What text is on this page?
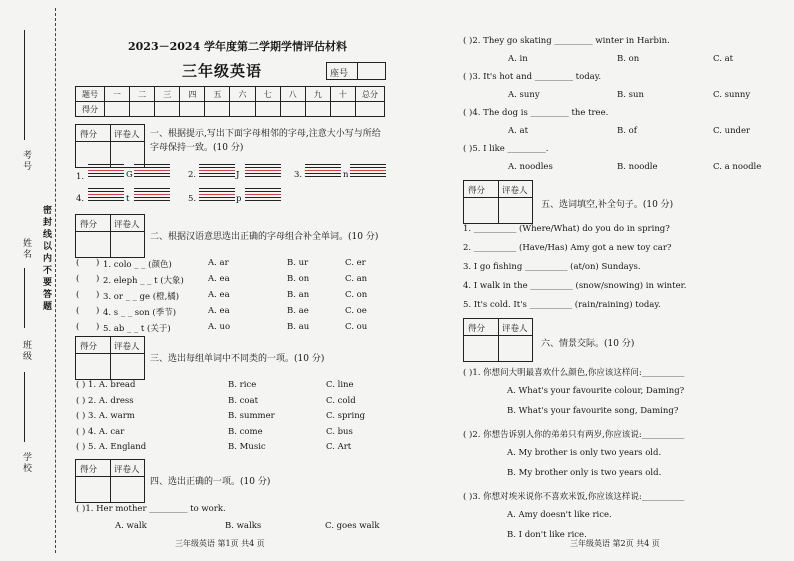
考号
姓名
班级
学校
密封线以内不要答题
2023－2024 学年度第二学期学情评估材料
三年级英语	座号
题号	一	二	三	四	五	六	七	八	九	十	总分
得分											
得分 评卷人 一、根据提示,写出下面字母相邻的字母,注意大小写与所给
字母保持一致。(10 分)
1.	G	2.	J	3.	n
4.	t	5.	p
得分 评卷人
二、根据汉语意思选出正确的字母组合补全单词。(10 分)
( ) 1. colo _ _ (颜色)	A. ar	B. ur	C. er
( ) 2. eleph _ _ t (大象)	A. ea	B. on	C. an
( ) 3. or _ _ ge (橙,橘)	A. ea	B. an	C. on
( ) 4. s _ _ son (季节)	A. ea	B. ae	C. oe
( ) 5. ab _ _ t (关于)	A. uo	B. au	C. ou
得分 评卷人
三、选出每组单词中不同类的一项。(10 分)
( ) 1. A. bread	B. rice	C. line
( ) 2. A. dress	B. coat	C. cold
( ) 3. A. warm	B. summer	C. spring
( ) 4. A. car	B. come	C. bus
( ) 5. A. England	B. Music	C. Art
得分 评卷人
四、选出正确的一项。(10 分)
( )1. Her mother _________ to work.
A. walk	B. walks	C. goes walk
三年级英语 第1页 共4 页
( )2. They go skating _________ winter in Harbin.
A. in	B. on	C. at
( )3. It's hot and _________ today.
A. suny	B. sun	C. sunny
( )4. The dog is _________ the tree.
A. at	B. of	C. under
( )5. I like _________.
A. noodles	B. noodle	C. a noodle
得分 评卷人
五、选词填空,补全句子。(10 分)
1. __________ (Where/What) do you do in spring?
2. __________ (Have/Has) Amy got a new toy car?
3. I go fishing __________ (at/on) Sundays.
4. I walk in the __________ (snow/snowing) in winter.
5. It's cold. It's __________ (rain/raining) today.
得分 评卷人
六、情景交际。(10 分)
( )1. 你想问大明最喜欢什么颜色,你应该这样问:__________
A. What's your favourite colour, Daming?
B. What's your favourite song, Daming?
( )2. 你想告诉别人你的弟弟只有两岁,你应该说:__________
A. My brother is only two years old.
B. My brother only is two years old.
( )3. 你想对埃米说你不喜欢米饭,你应该这样说:__________
A. Amy doesn't like rice.
B. I don't like rice.
三年级英语 第2页 共4 页
